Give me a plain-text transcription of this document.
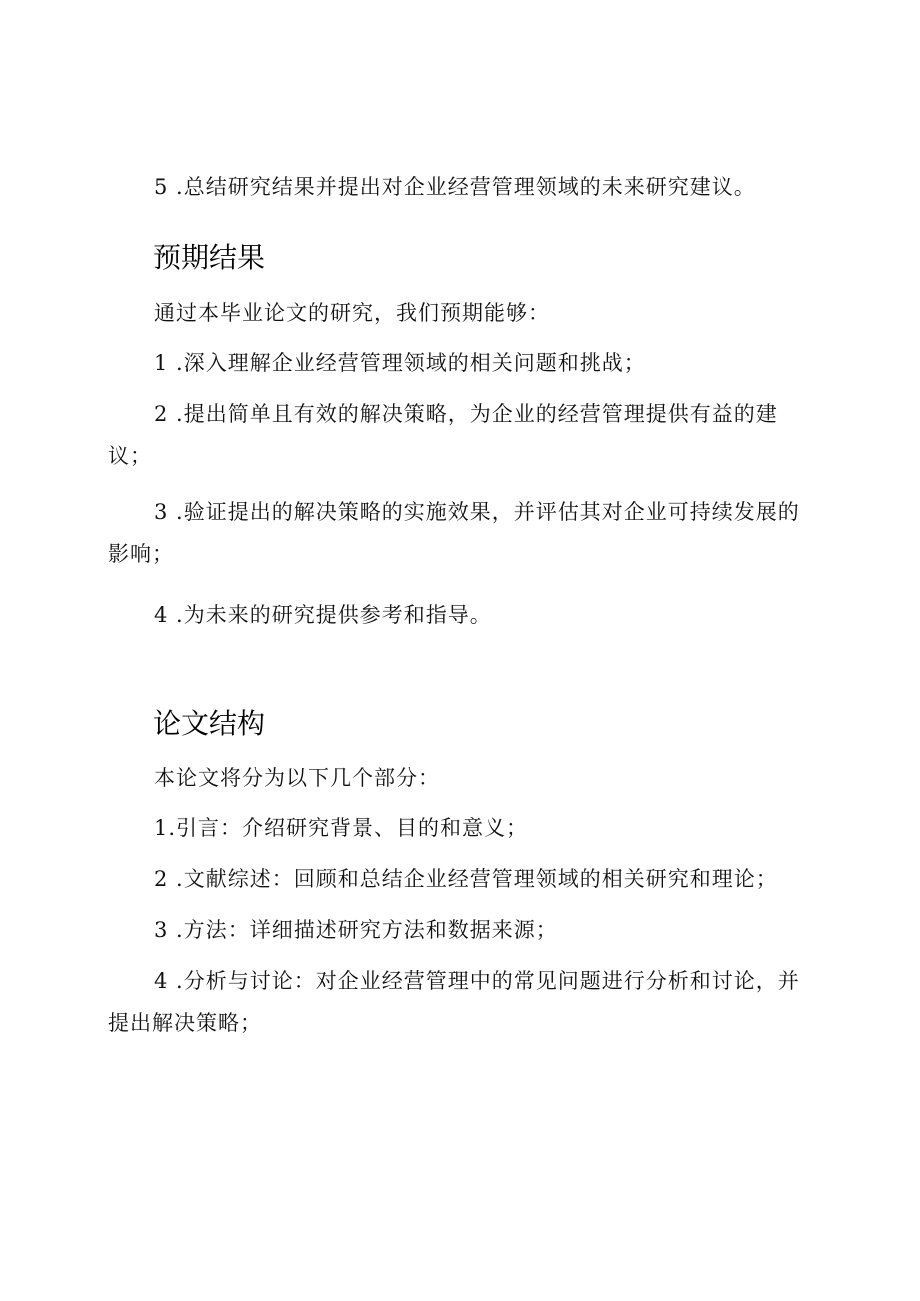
5 .总结研究结果并提出对企业经营管理领域的未来研究建议。

预期结果

通过本毕业论文的研究，我们预期能够：

1 .深入理解企业经营管理领域的相关问题和挑战；

2 .提出简单且有效的解决策略，为企业的经营管理提供有益的建议；

3 .验证提出的解决策略的实施效果，并评估其对企业可持续发展的影响；

4 .为未来的研究提供参考和指导。

论文结构

本论文将分为以下几个部分：

1.引言：介绍研究背景、目的和意义；

2 .文献综述：回顾和总结企业经营管理领域的相关研究和理论；

3 .方法：详细描述研究方法和数据来源；

4 .分析与讨论：对企业经营管理中的常见问题进行分析和讨论，并提出解决策略；
